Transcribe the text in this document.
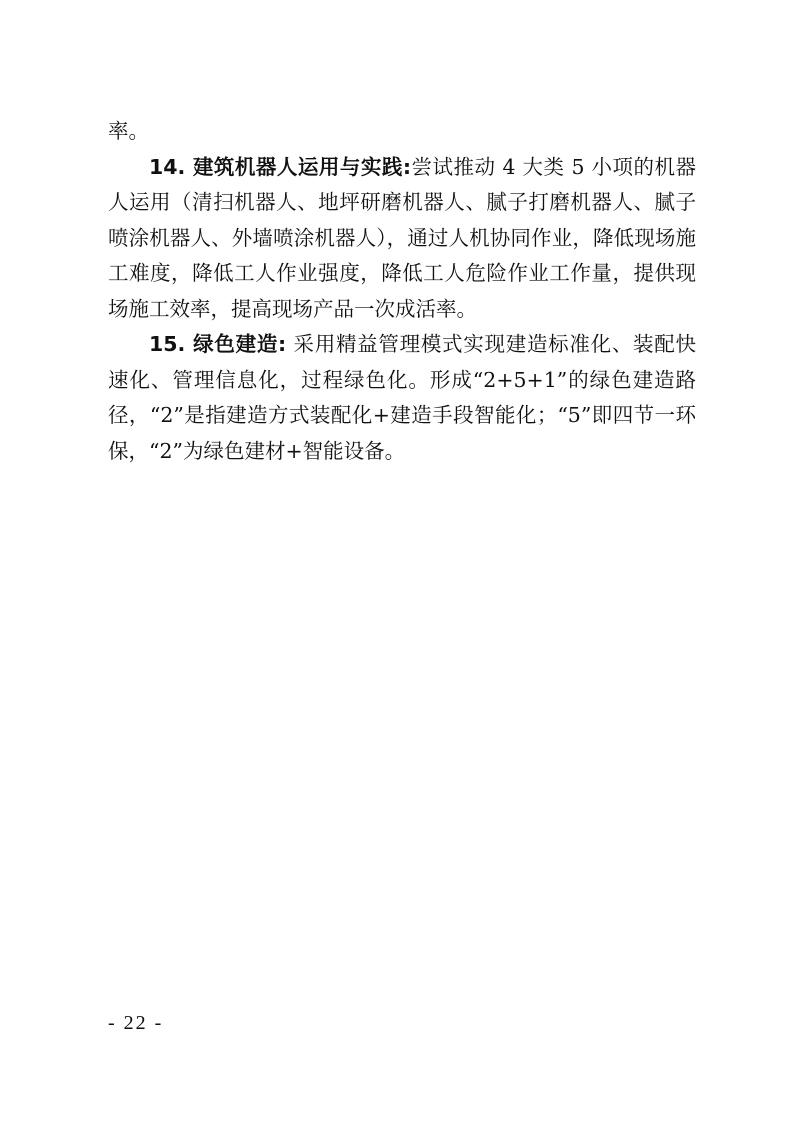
率。

14. 建筑机器人运用与实践:尝试推动 4 大类 5 小项的机器人运用（清扫机器人、地坪研磨机器人、腻子打磨机器人、腻子喷涂机器人、外墙喷涂机器人），通过人机协同作业，降低现场施工难度，降低工人作业强度，降低工人危险作业工作量，提供现场施工效率，提高现场产品一次成活率。

15. 绿色建造: 采用精益管理模式实现建造标准化、装配快速化、管理信息化，过程绿色化。形成“2+5+1”的绿色建造路径，“2”是指建造方式装配化+建造手段智能化；“5”即四节一环保，“2”为绿色建材+智能设备。

- 22 -
